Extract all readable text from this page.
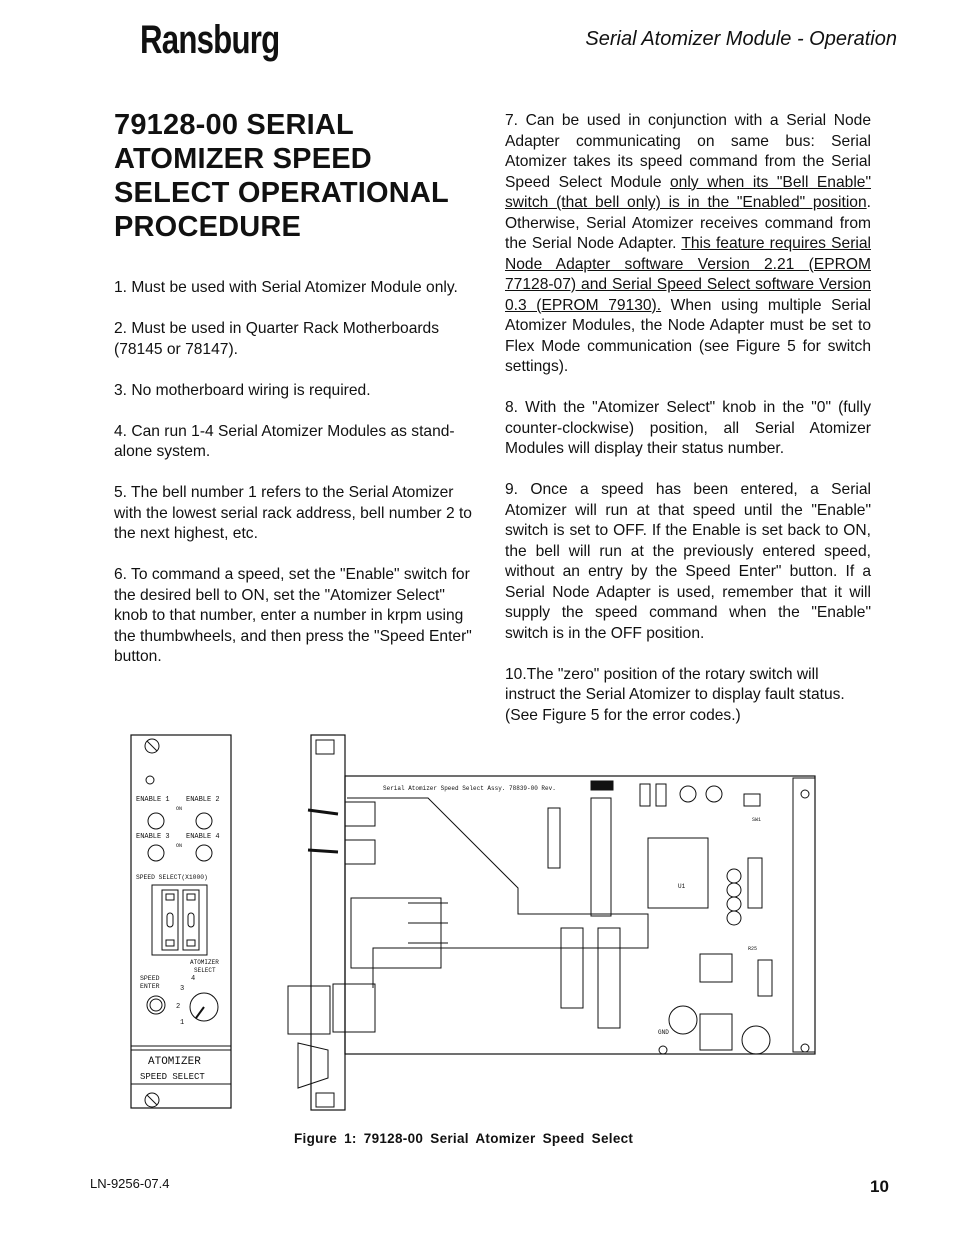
Ransburg	Serial Atomizer Module - Operation
79128-00 SERIAL
ATOMIZER SPEED
SELECT OPERATIONAL
PROCEDURE

1. Must be used with Serial Atomizer Module only.

2. Must be used in Quarter Rack Motherboards (78145 or 78147).

3. No motherboard wiring is required.

4. Can run 1-4 Serial Atomizer Modules as stand-alone system.

5. The bell number 1 refers to the Serial Atomizer with the lowest serial rack address, bell number 2 to the next highest, etc.

6. To command a speed, set the "Enable" switch for the desired bell to ON, set the "Atomizer Select" knob to that number, enter a number in krpm using the thumbwheels, and then press the "Speed Enter" button.

7. Can be used in conjunction with a Serial Node Adapter communicating on same bus: Serial Atomizer takes its speed command from the Serial Speed Select Module only when its "Bell Enable" switch (that bell only) is in the "Enabled" position. Otherwise, Serial Atomizer receives command from the Serial Node Adapter. This feature requires Serial Node Adapter software Version 2.21 (EPROM 77128-07) and Serial Speed Select software Version 0.3 (EPROM 79130). When using multiple Serial Atomizer Modules, the Node Adapter must be set to Flex Mode communication (see Figure 5 for switch settings).

8. With the "Atomizer Select" knob in the "0" (fully counter-clockwise) position, all Serial Atomizer Modules will display their status number.

9. Once a speed has been entered, a Serial Atomizer will run at that speed until the "Enable" switch is set to OFF. If the Enable is set back to ON, the bell will run at the previously entered speed, without an entry by the Speed Enter" button. If a Serial Node Adapter is used, remember that it will supply the speed command when the "Enable" switch is in the OFF position.

10.The "zero" position of the rotary switch will instruct the Serial Atomizer to display fault status. (See Figure 5 for the error codes.)

ENABLE 1 ENABLE 2
ON
ENABLE 3 ENABLE 4
ON
SPEED SELECT(X1000)
ATOMIZER
SELECT
SPEED
ENTER
4
3
2
1
ATOMIZER
SPEED SELECT
Serial Atomizer Speed Select Assy. 78839-00 Rev.
U1
SW1
R25
GND
Figure 1: 79128-00 Serial Atomizer Speed Select
LN-9256-07.4	10
